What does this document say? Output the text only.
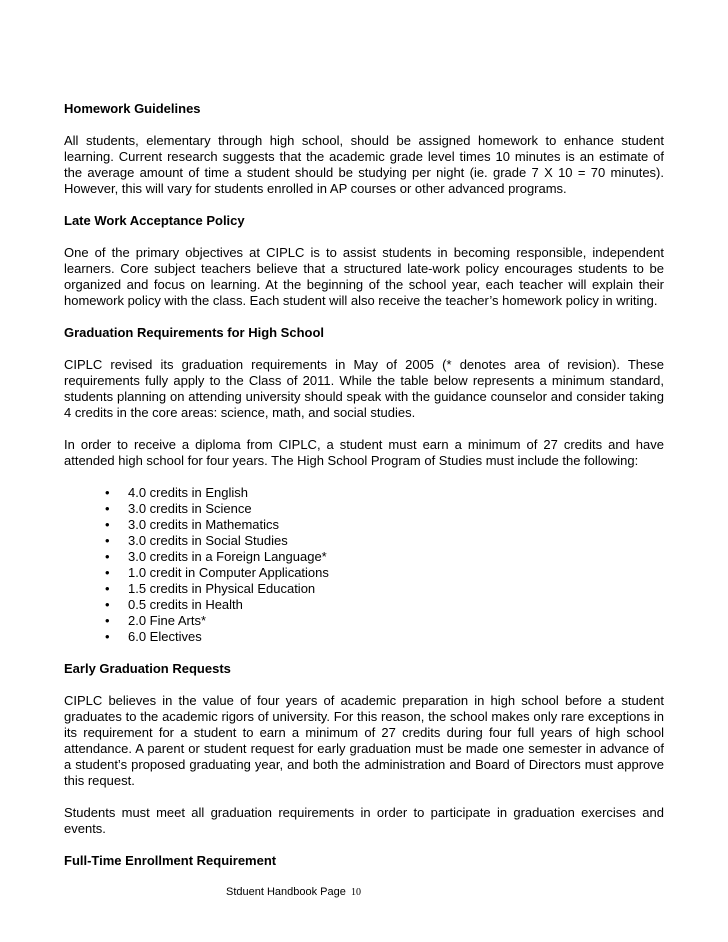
Homework Guidelines

All students, elementary through high school, should be assigned homework to enhance student learning. Current research suggests that the academic grade level times 10 minutes is an estimate of the average amount of time a student should be studying per night (ie. grade 7 X 10 = 70 minutes). However, this will vary for students enrolled in AP courses or other advanced programs.

Late Work Acceptance Policy

One of the primary objectives at CIPLC is to assist students in becoming responsible, independent learners. Core subject teachers believe that a structured late-work policy encourages students to be organized and focus on learning. At the beginning of the school year, each teacher will explain their homework policy with the class. Each student will also receive the teacher’s homework policy in writing.

Graduation Requirements for High School

CIPLC revised its graduation requirements in May of 2005 (* denotes area of revision). These requirements fully apply to the Class of 2011. While the table below represents a minimum standard, students planning on attending university should speak with the guidance counselor and consider taking 4 credits in the core areas: science, math, and social studies.

In order to receive a diploma from CIPLC, a student must earn a minimum of 27 credits and have attended high school for four years. The High School Program of Studies must include the following:

• 4.0 credits in English
• 3.0 credits in Science
• 3.0 credits in Mathematics
• 3.0 credits in Social Studies
• 3.0 credits in a Foreign Language*
• 1.0 credit in Computer Applications
• 1.5 credits in Physical Education
• 0.5 credits in Health
• 2.0 Fine Arts*
• 6.0 Electives
Early Graduation Requests

CIPLC believes in the value of four years of academic preparation in high school before a student graduates to the academic rigors of university. For this reason, the school makes only rare exceptions in its requirement for a student to earn a minimum of 27 credits during four full years of high school attendance. A parent or student request for early graduation must be made one semester in advance of a student’s proposed graduating year, and both the administration and Board of Directors must approve this request.

Students must meet all graduation requirements in order to participate in graduation exercises and events.

Full-Time Enrollment Requirement
Stduent Handbook Page 10
